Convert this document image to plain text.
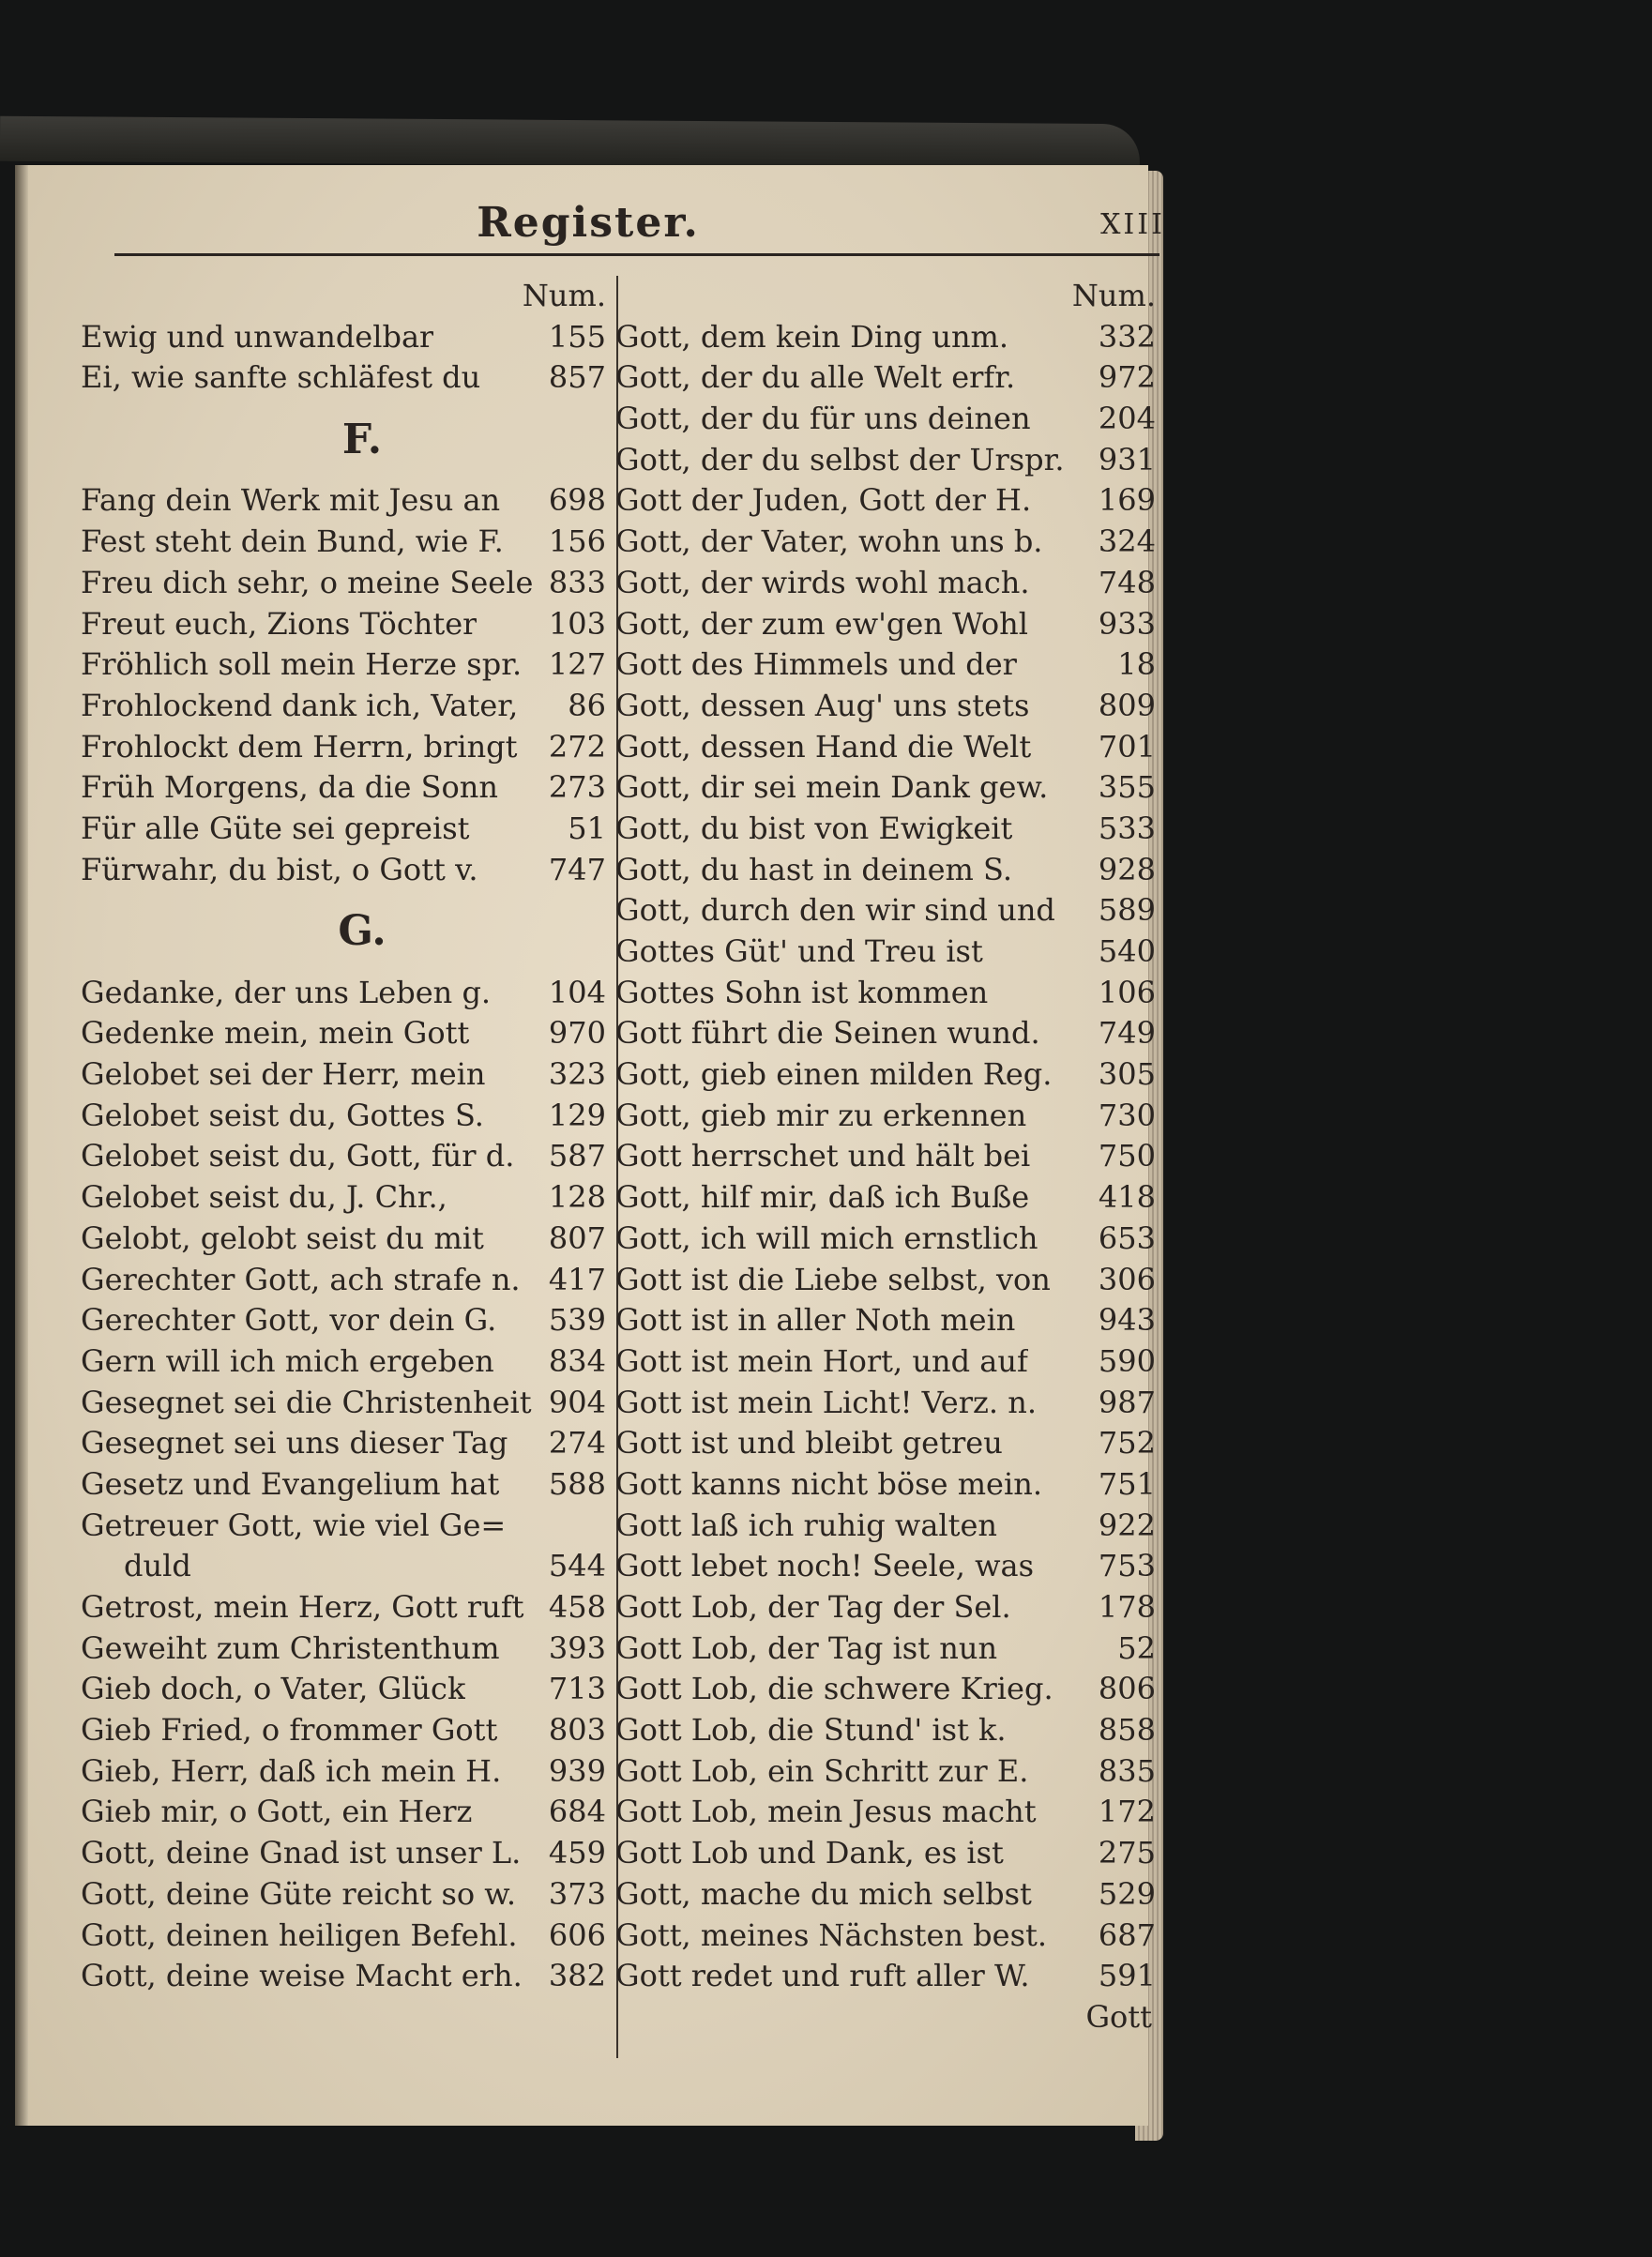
Register.	XIII
Num.
Ewig und unwandelbar	155
Ei, wie sanfte schläfest du 857
F.
Fang dein Werk mit Jesu an 698
Fest steht dein Bund, wie F. 156
Freu dich sehr, o meine Seele 833
Freut euch, Zions Töchter 103
Fröhlich soll mein Herze spr. 127
Frohlockend dank ich, Vater, 86
Frohlockt dem Herrn, bringt 272
Früh Morgens, da die Sonn 273
Für alle Güte sei gepreist	51
Fürwahr, du bist, o Gott v. 747
G.
Gedanke, der uns Leben g. 104
Gedenke mein, mein Gott	970
Gelobet sei der Herr, mein 323
Gelobet seist du, Gottes S. 129
Gelobet seist du, Gott, für d. 587
Gelobet seist du, J. Chr.,	128
Gelobt, gelobt seist du mit 807
Gerechter Gott, ach strafe n. 417
Gerechter Gott, vor dein G. 539
Gern will ich mich ergeben 834
Gesegnet sei die Christenheit 904
Gesegnet sei uns dieser Tag 274
Gesetz und Evangelium hat 588
Getreuer Gott, wie viel Ge=
duld	544
Getrost, mein Herz, Gott ruft 458
Geweiht zum Christenthum 393
Gieb doch, o Vater, Glück	713
Gieb Fried, o frommer Gott 803
Gieb, Herr, daß ich mein H. 939
Gieb mir, o Gott, ein Herz	684
Gott, deine Gnad ist unser L. 459
Gott, deine Güte reicht so w. 373
Gott, deinen heiligen Befehl. 606
Gott, deine weise Macht erh. 382
Num.
Gott, dem kein Ding unm.	332
Gott, der du alle Welt erfr.	972
Gott, der du für uns deinen 204
Gott, der du selbst der Urspr. 931
Gott der Juden, Gott der H. 169
Gott, der Vater, wohn uns b. 324
Gott, der wirds wohl mach. 748
Gott, der zum ew'gen Wohl 933
Gott des Himmels und der	18
Gott, dessen Aug' uns stets 809
Gott, dessen Hand die Welt 701
Gott, dir sei mein Dank gew. 355
Gott, du bist von Ewigkeit	533
Gott, du hast in deinem S.	928
Gott, durch den wir sind und 589
Gottes Güt' und Treu ist	540
Gottes Sohn ist kommen	106
Gott führt die Seinen wund. 749
Gott, gieb einen milden Reg. 305
Gott, gieb mir zu erkennen 730
Gott herrschet und hält bei 750
Gott, hilf mir, daß ich Buße 418
Gott, ich will mich ernstlich 653
Gott ist die Liebe selbst, von 306
Gott ist in aller Noth mein	943
Gott ist mein Hort, und auf 590
Gott ist mein Licht! Verz. n. 987
Gott ist und bleibt getreu	752
Gott kanns nicht böse mein. 751
Gott laß ich ruhig walten	922
Gott lebet noch! Seele, was 753
Gott Lob, der Tag der Sel.	178
Gott Lob, der Tag ist nun	52
Gott Lob, die schwere Krieg. 806
Gott Lob, die Stund' ist k.	858
Gott Lob, ein Schritt zur E. 835
Gott Lob, mein Jesus macht 172
Gott Lob und Dank, es ist	275
Gott, mache du mich selbst 529
Gott, meines Nächsten best. 687
Gott redet und ruft aller W. 591
Gott
